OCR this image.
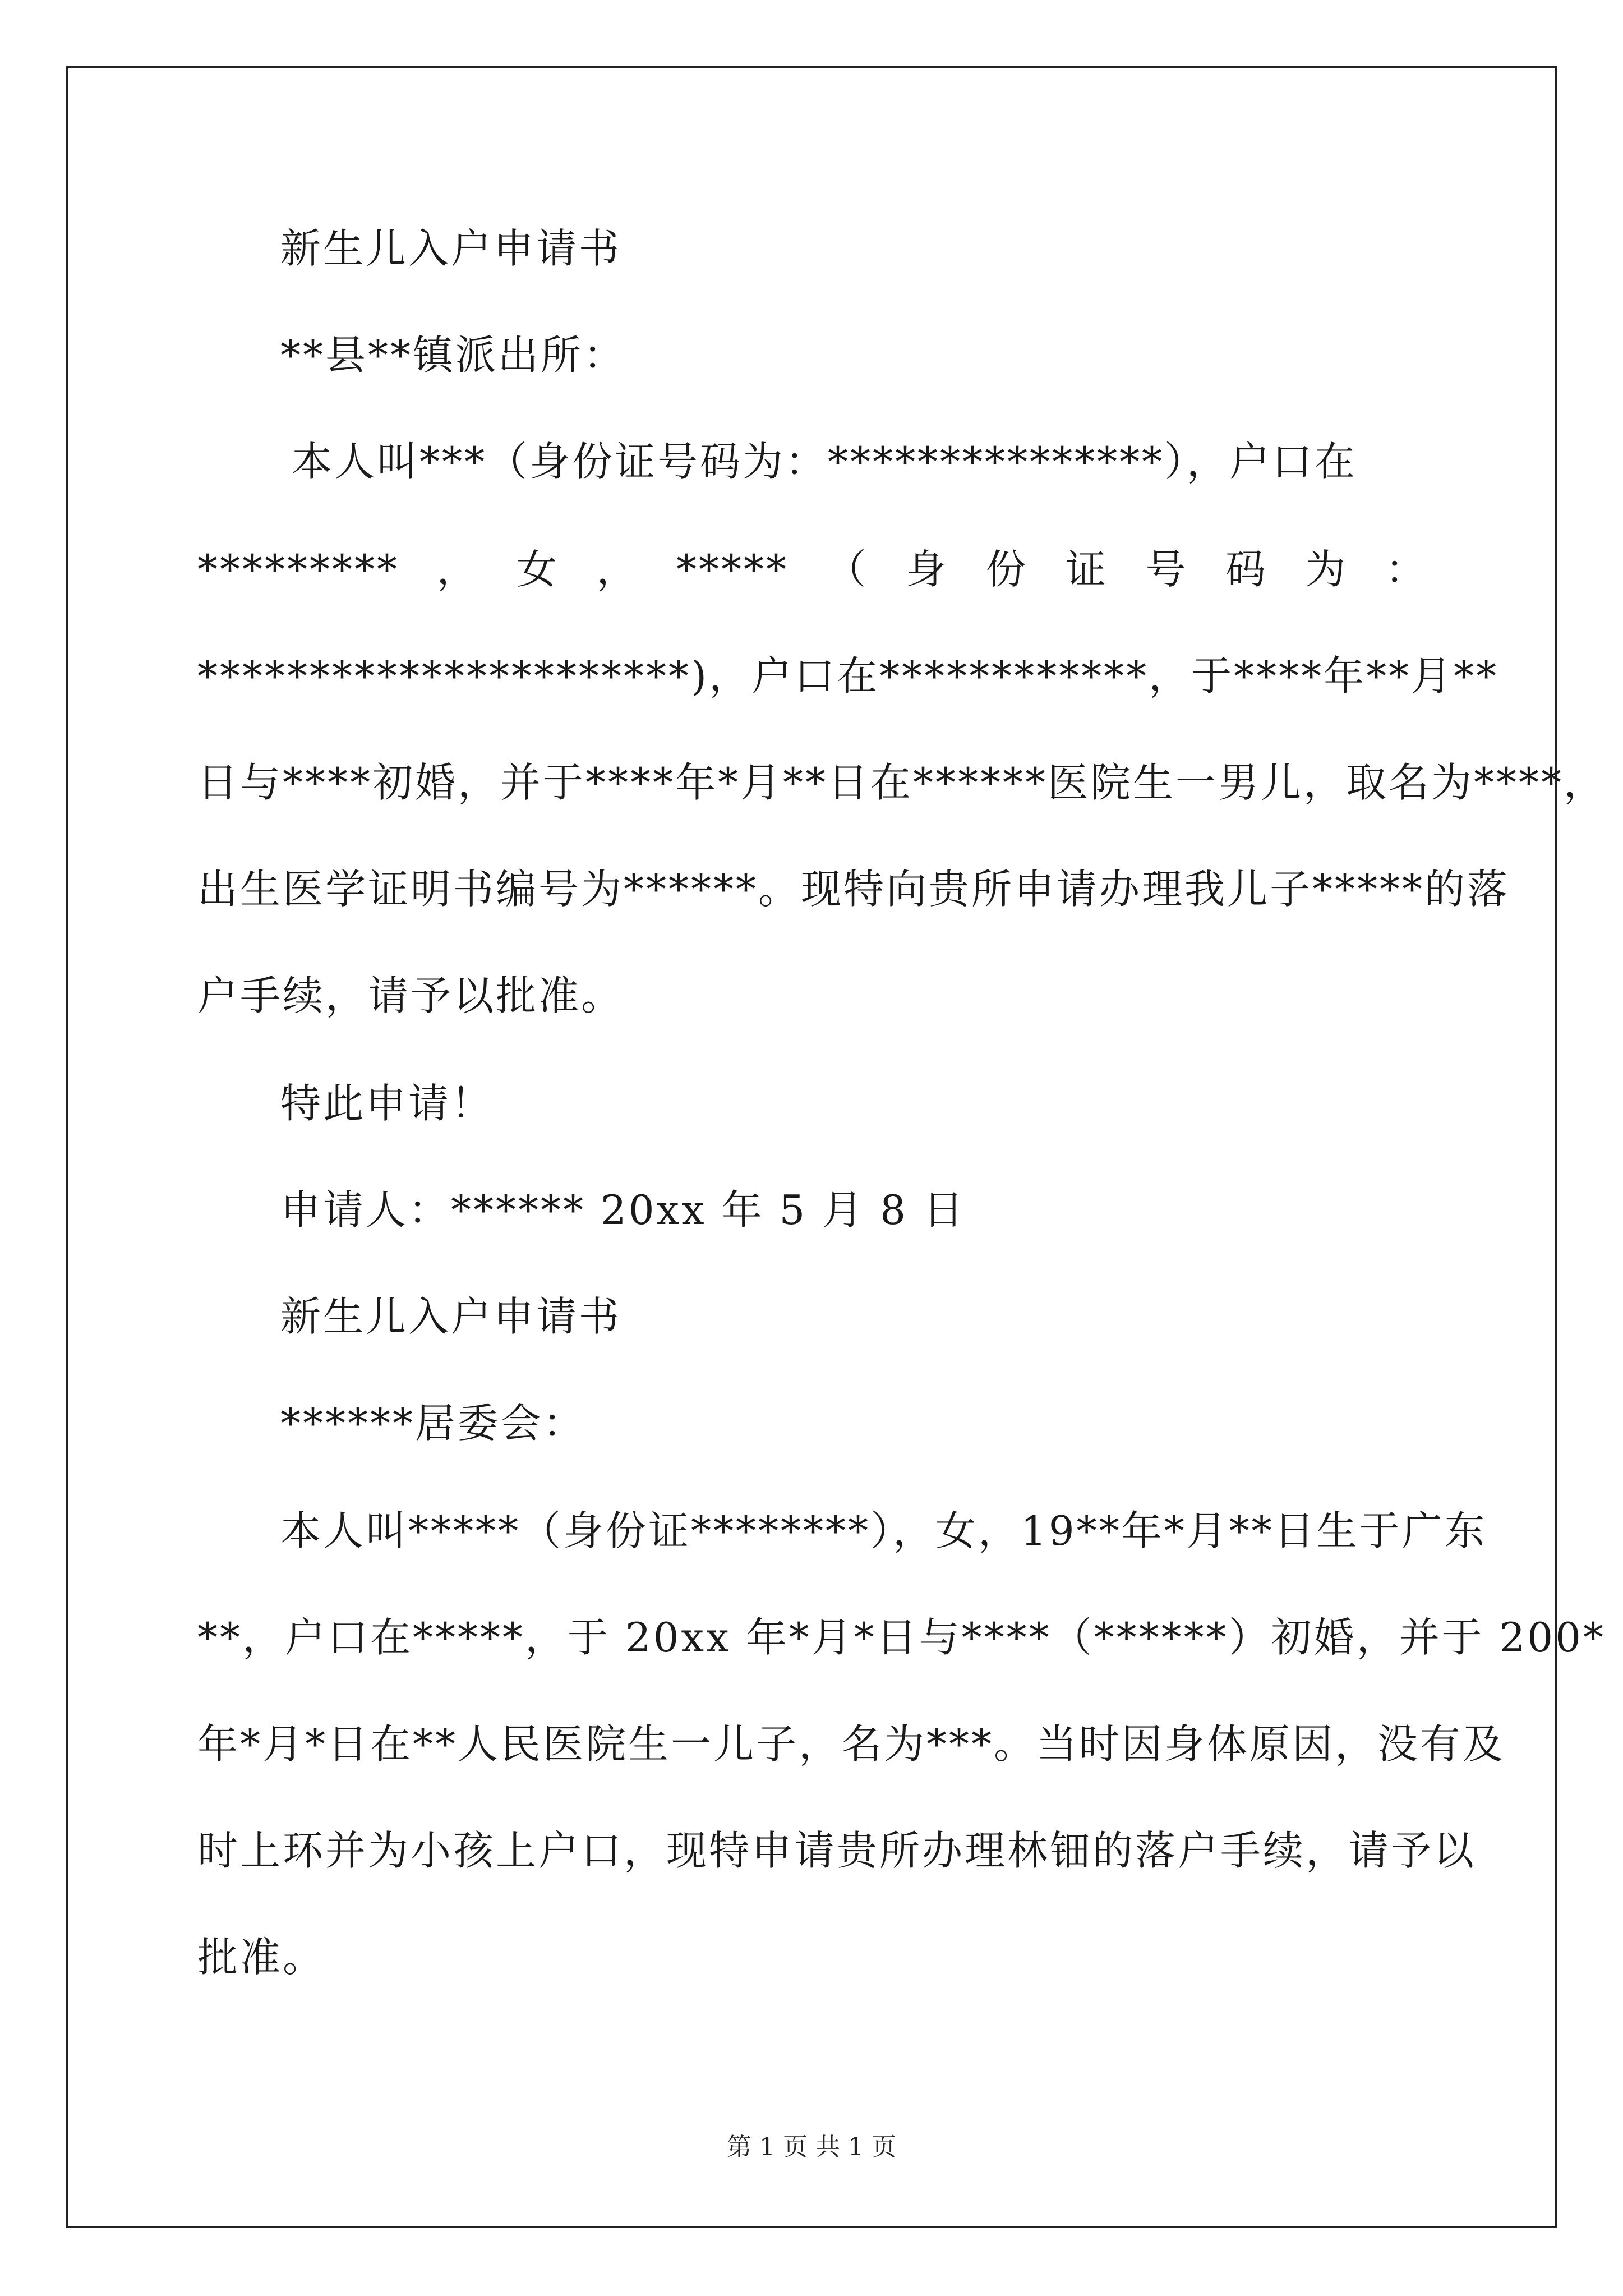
新生儿入户申请书
**县**镇派出所：
本人叫***（身份证号码为：***************），户口在
********* ， 女 ， ***** （ 身 份 证 号 码 为 ：
**********************)，户口在************，于****年**月**
日与****初婚，并于****年*月**日在******医院生一男儿，取名为****，
出生医学证明书编号为******。现特向贵所申请办理我儿子*****的落
户手续，请予以批准。
特此申请！
申请人：****** 20xx 年 5 月 8 日
新生儿入户申请书
******居委会：
本人叫*****（身份证********），女，19**年*月**日生于广东
**，户口在*****，于 20xx 年*月*日与****（******）初婚，并于 200*
年*月*日在**人民医院生一儿子，名为***。当时因身体原因，没有及
时上环并为小孩上户口，现特申请贵所办理林钿的落户手续，请予以
批准。
第 1 页 共 1 页
